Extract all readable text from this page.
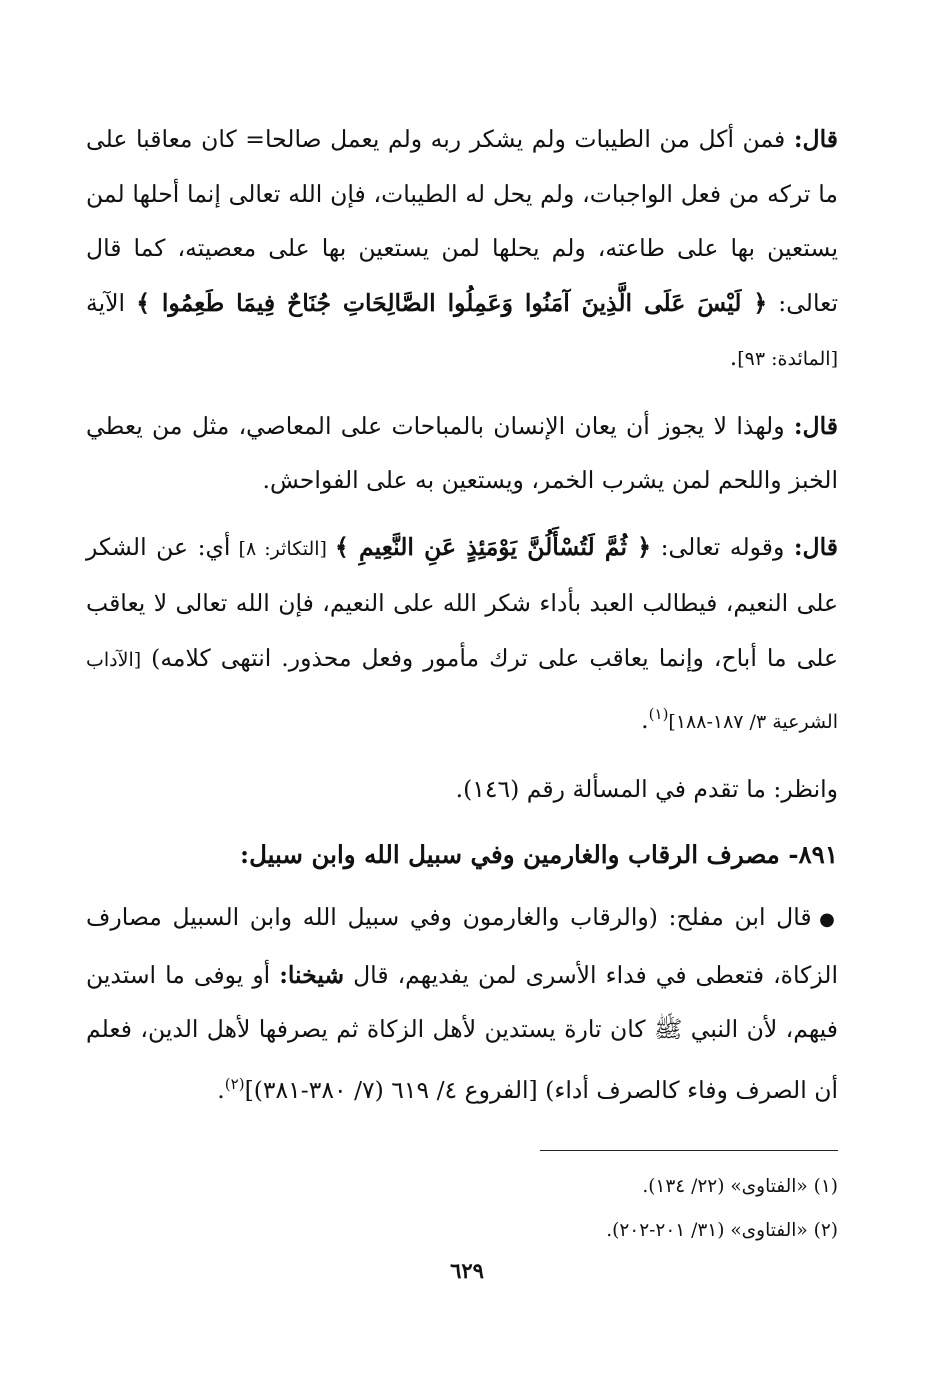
قال: فمن أكل من الطيبات ولم يشكر ربه ولم يعمل صالحا= كان معاقبا على ما تركه من فعل الواجبات، ولم يحل له الطيبات، فإن الله تعالى إنما أحلها لمن يستعين بها على طاعته، ولم يحلها لمن يستعين بها على معصيته، كما قال تعالى: ﴿ لَيْسَ عَلَى الَّذِينَ آمَنُوا وَعَمِلُوا الصَّالِحَاتِ جُنَاحٌ فِيمَا طَعِمُوا ﴾ الآية [المائدة: ٩٣].

قال: ولهذا لا يجوز أن يعان الإنسان بالمباحات على المعاصي، مثل من يعطي الخبز واللحم لمن يشرب الخمر، ويستعين به على الفواحش.

قال: وقوله تعالى: ﴿ ثُمَّ لَتُسْأَلُنَّ يَوْمَئِذٍ عَنِ النَّعِيمِ ﴾ [التكاثر: ٨] أي: عن الشكر على النعيم، فيطالب العبد بأداء شكر الله على النعيم، فإن الله تعالى لا يعاقب على ما أباح، وإنما يعاقب على ترك مأمور وفعل محذور. انتهى كلامه) [الآداب الشرعية ٣/ ١٨٧-١٨٨]$^{(١)}$.

وانظر: ما تقدم في المسألة رقم (١٤٦).

٨٩١- مصرف الرقاب والغارمين وفي سبيل الله وابن سبيل:

● قال ابن مفلح: (والرقاب والغارمون وفي سبيل الله وابن السبيل مصارف الزكاة، فتعطى في فداء الأسرى لمن يفديهم، قال شيخنا: أو يوفى ما استدين فيهم، لأن النبي ﷺ كان تارة يستدين لأهل الزكاة ثم يصرفها لأهل الدين، فعلم أن الصرف وفاء كالصرف أداء) [الفروع ٤/ ٦١٩ (٧/ ٣٨٠-٣٨١)]$^{(٢)}$.

(١) «الفتاوى» (٢٢/ ١٣٤).
(٢) «الفتاوى» (٣١/ ٢٠١-٢٠٢).
٦٢٩
